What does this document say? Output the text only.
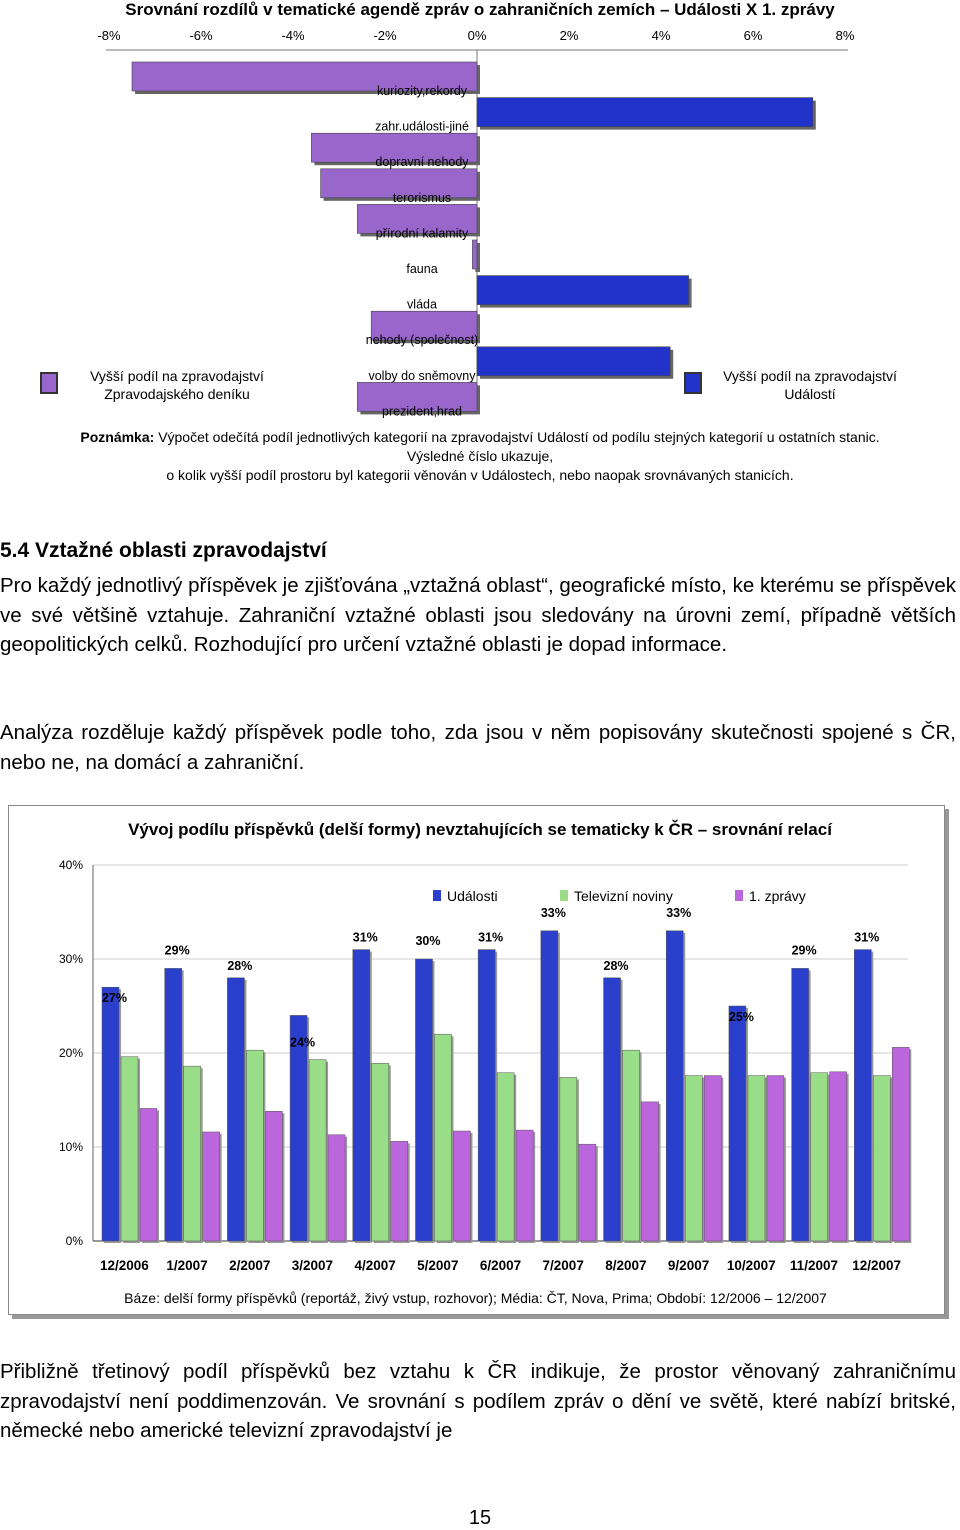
Srovnání rozdílů v tematické agendě zpráv o zahraničních zemích – Události X 1. zprávy
-8%	-6%	-4%	-2%	0%	2%	4%	6%	8%
kuriozity,rekordy
zahr.události-jiné
dopravní nehody
terorismus
přírodní kalamity
fauna
vláda
nehody (společnost)
volby do sněmovny
prezident,hrad
Vyšší podíl na zpravodajství
Zpravodajského deníku
Vyšší podíl na zpravodajství
Událostí
Poznámka: Výpočet odečítá podíl jednotlivých kategorií na zpravodajství Událostí od podílu stejných kategorií u ostatních stanic.
Výsledné číslo ukazuje,
o kolik vyšší podíl prostoru byl kategorii věnován v Událostech, nebo naopak srovnávaných stanicích.
5.4 Vztažné oblasti zpravodajství
Pro každý jednotlivý příspěvek je zjišťována „vztažná oblast“, geografické místo, ke kterému se příspěvek ve své většině vztahuje. Zahraniční vztažné oblasti jsou sledovány na úrovni zemí, případně větších geopolitických celků. Rozhodující pro určení vztažné oblasti je dopad informace.
Analýza rozděluje každý příspěvek podle toho, zda jsou v něm popisovány skutečnosti spojené s ČR, nebo ne, na domácí a zahraniční.
Vývoj podílu příspěvků (delší formy) nevztahujících se tematicky k ČR – srovnání relací
0%
10%
20%
30%
40%
Události	Televizní noviny	1. zprávy
27%
12/2006
29%
1/2007
28%
2/2007
24%
3/2007
31%
4/2007
30%
5/2007
31%
6/2007
33%
7/2007
28%
8/2007
33%
9/2007
25%
10/2007
29%
11/2007
31%
12/2007
Báze: delší formy příspěvků (reportáž, živý vstup, rozhovor); Média: ČT, Nova, Prima; Období: 12/2006 – 12/2007
Přibližně třetinový podíl příspěvků bez vztahu k ČR indikuje, že prostor věnovaný zahraničnímu zpravodajství není poddimenzován. Ve srovnání s podílem zpráv o dění ve světě, které nabízí britské, německé nebo americké televizní zpravodajství je
15
